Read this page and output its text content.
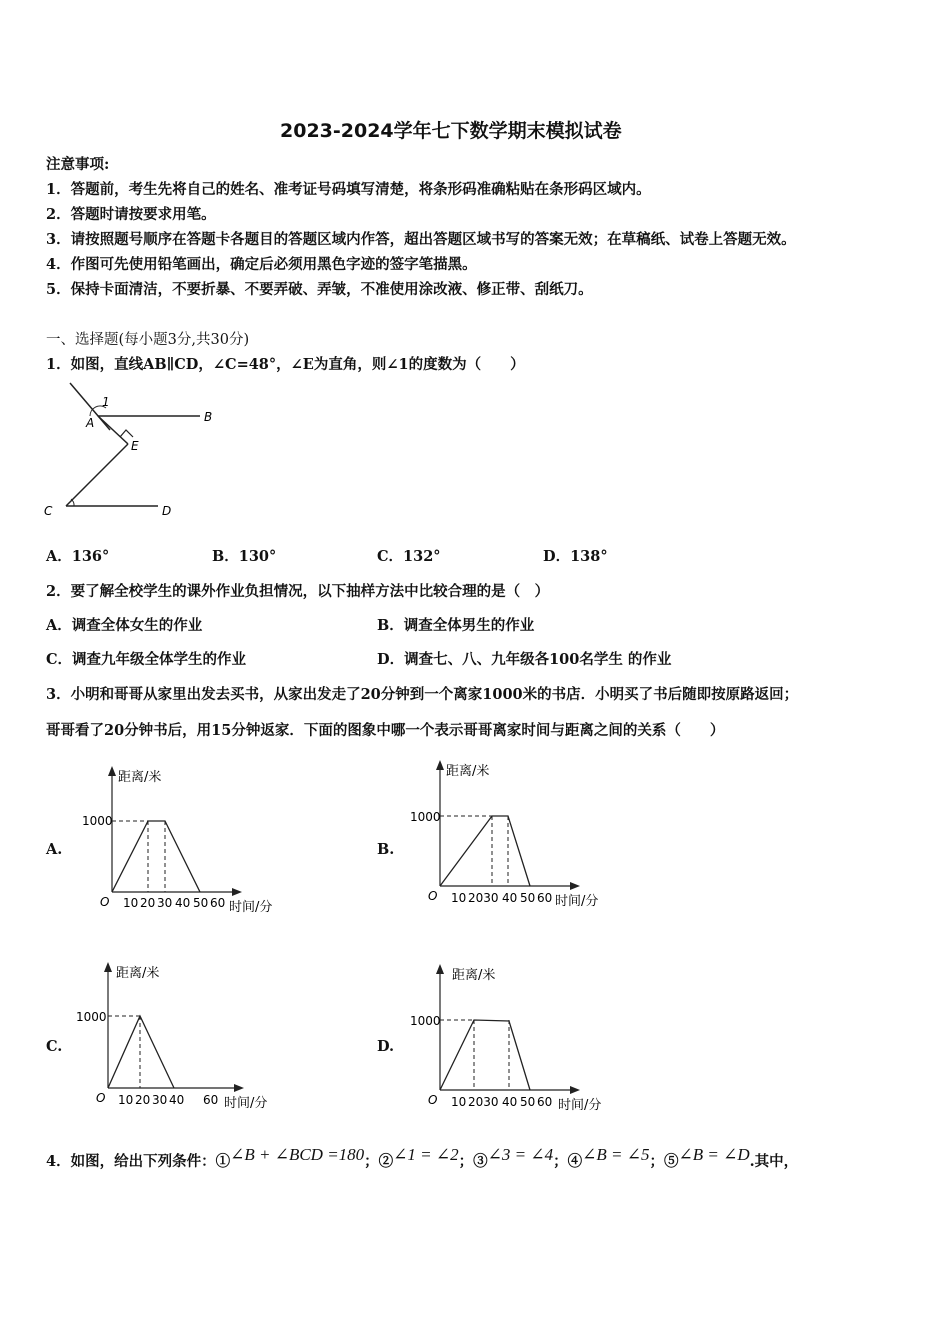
2023-2024学年七下数学期末模拟试卷
注意事项:
1．答题前，考生先将自己的姓名、准考证号码填写清楚，将条形码准确粘贴在条形码区域内。
2．答题时请按要求用笔。
3．请按照题号顺序在答题卡各题目的答题区域内作答，超出答题区域书写的答案无效；在草稿纸、试卷上答题无效。
4．作图可先使用铅笔画出，确定后必须用黑色字迹的签字笔描黑。
5．保持卡面清洁，不要折暴、不要弄破、弄皱，不准使用涂改液、修正带、刮纸刀。
一、选择题(每小题3分,共30分)
1．如图，直线AB∥CD，∠C=48°，∠E为直角，则∠1的度数为（　　）
1
A	B
E
C	D
A．136°	B．130°	C．132°	D．138°
2．要了解全校学生的课外作业负担情况，以下抽样方法中比较合理的是（　）
A．调查全体女生的作业	B．调查全体男生的作业
C．调查九年级全体学生的作业	D．调查七、八、九年级各100名学生 的作业
3．小明和哥哥从家里出发去买书，从家出发走了20分钟到一个离家1000米的书店．小明买了书后随即按原路返回；
哥哥看了20分钟书后，用15分钟返家．下面的图象中哪一个表示哥哥离家时间与距离之间的关系（　　）
A.
距离/米
1000
O 10 20 30 40 50 60 时间/分
B.
距离/米
1000
O 10 2030 40 50 60 时间/分
C.
距离/米
1000
O 10 20 30 40 60 时间/分
D.
距离/米
1000
O 10 2030 40 50 60 时间/分
4．如图，给出下列条件：① ∠B + ∠BCD =180 ；② ∠1 = ∠2 ；③ ∠3 = ∠4 ；④ ∠B = ∠5 ；⑤ ∠B = ∠D .其中，
